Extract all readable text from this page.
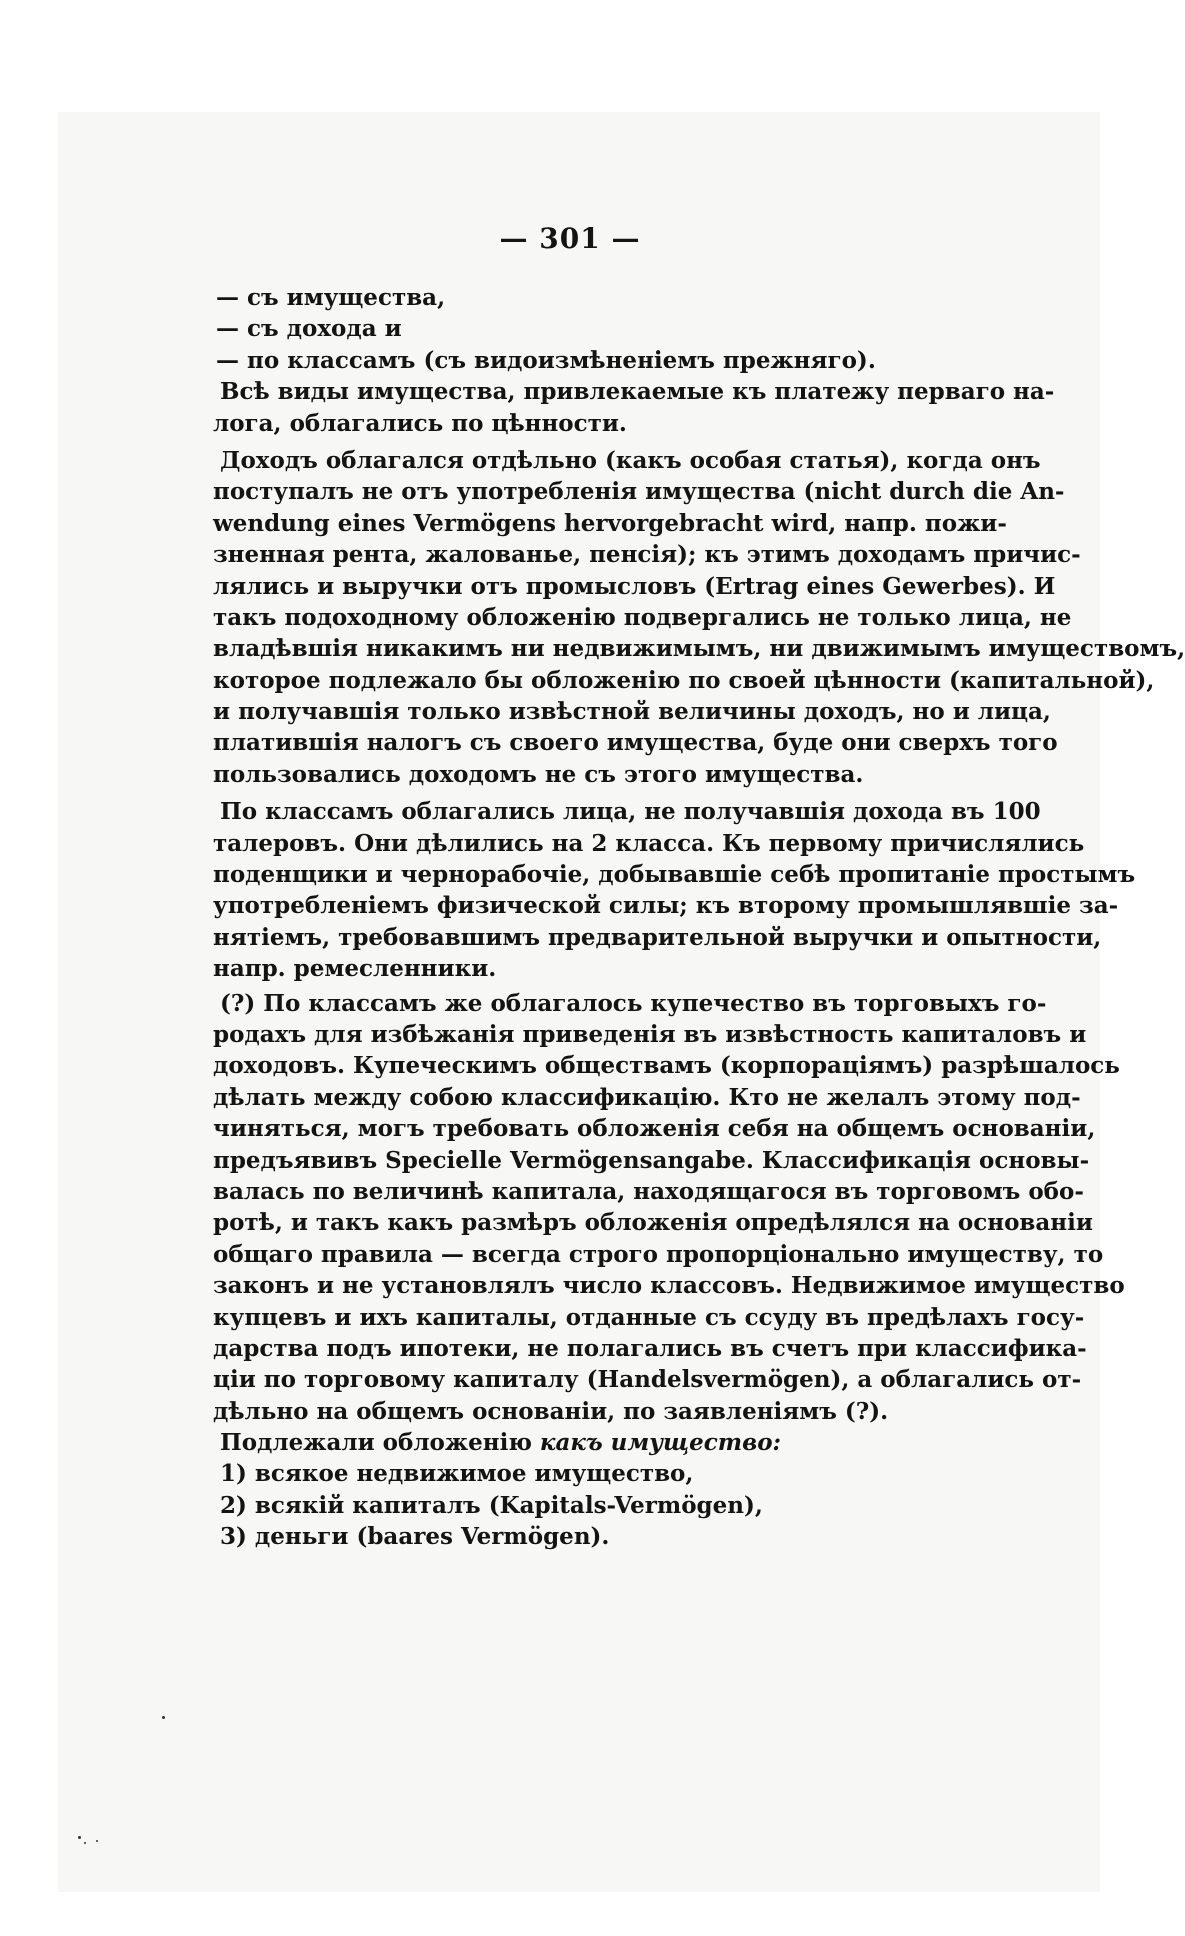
— 301 —
— съ имущества,
— съ дохода и
— по классамъ (съ видоизмѣненіемъ прежняго).
Всѣ виды имущества, привлекаемые къ платежу перваго на-
лога, облагались по цѣнности.
Доходъ облагался отдѣльно (какъ особая статья), когда онъ
поступалъ не отъ употребленія имущества (nicht durch die An-
wendung eines Vermögens hervorgebracht wird, напр. пожи-
зненная рента, жалованье, пенсія); къ этимъ доходамъ причис-
лялись и выручки отъ промысловъ (Ertrag eines Gewerbes). И
такъ подоходному обложенію подвергались не только лица, не
владѣвшія никакимъ ни недвижимымъ, ни движимымъ имуществомъ,
которое подлежало бы обложенію по своей цѣнности (капитальной),
и получавшія только извѣстной величины доходъ, но и лица,
платившія налогъ съ своего имущества, буде они сверхъ того
пользовались доходомъ не съ этого имущества.
По классамъ облагались лица, не получавшія дохода въ 100
талеровъ. Они дѣлились на 2 класса. Къ первому причислялись
поденщики и чернорабочіе, добывавшіе себѣ пропитаніе простымъ
употребленіемъ физической силы; къ второму промышлявшіе за-
нятіемъ, требовавшимъ предварительной выручки и опытности,
напр. ремесленники.
(?) По классамъ же облагалось купечество въ торговыхъ го-
родахъ для избѣжанія приведенія въ извѣстность капиталовъ и
доходовъ. Купеческимъ обществамъ (корпораціямъ) разрѣшалось
дѣлать между собою классификацію. Кто не желалъ этому под-
чиняться, могъ требовать обложенія себя на общемъ основаніи,
предъявивъ Specielle Vermögensangabe. Классификація основы-
валась по величинѣ капитала, находящагося въ торговомъ обо-
ротѣ, и такъ какъ размѣръ обложенія опредѣлялся на основаніи
общаго правила — всегда строго пропорціонально имуществу, то
законъ и не установлялъ число классовъ. Недвижимое имущество
купцевъ и ихъ капиталы, отданные съ ссуду въ предѣлахъ госу-
дарства подъ ипотеки, не полагались въ счетъ при классифика-
ціи по торговому капиталу (Handelsvermögen), а облагались от-
дѣльно на общемъ основаніи, по заявленіямъ (?).
Подлежали обложенію какъ имуществo:
1) всякое недвижимое имущество,
2) всякій капиталъ (Kapitals-Vermögen),
3) деньги (baares Vermögen).
